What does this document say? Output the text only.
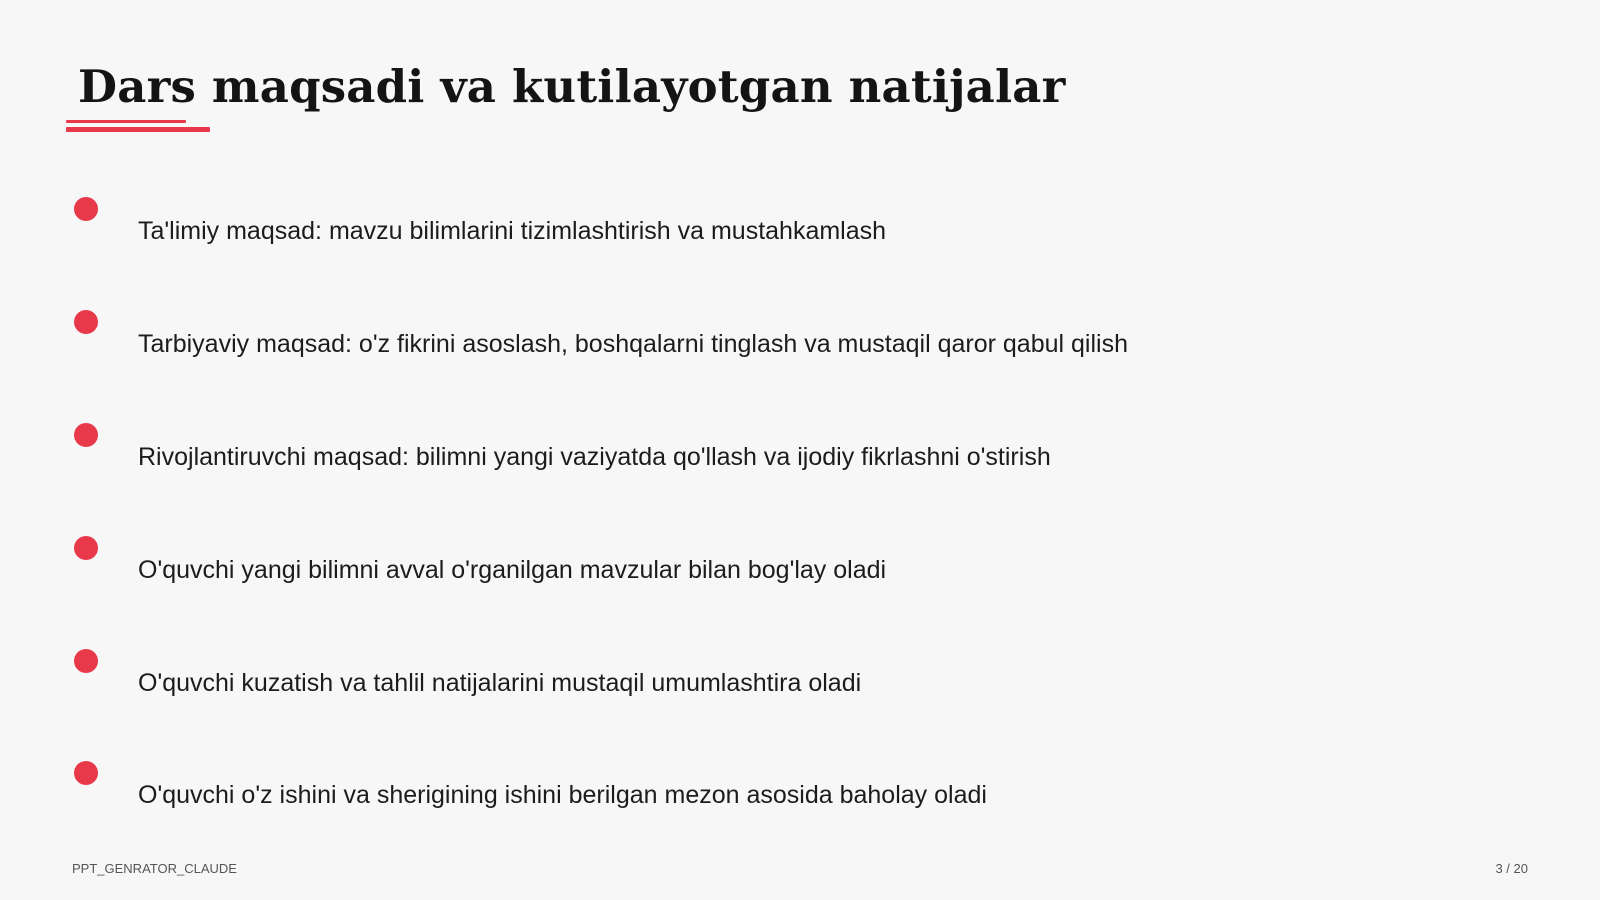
Dars maqsadi va kutilayotgan natijalar
Ta'limiy maqsad: mavzu bilimlarini tizimlashtirish va mustahkamlash
Tarbiyaviy maqsad: o'z fikrini asoslash, boshqalarni tinglash va mustaqil qaror qabul qilish
Rivojlantiruvchi maqsad: bilimni yangi vaziyatda qo'llash va ijodiy fikrlashni o'stirish
O'quvchi yangi bilimni avval o'rganilgan mavzular bilan bog'lay oladi
O'quvchi kuzatish va tahlil natijalarini mustaqil umumlashtira oladi
O'quvchi o'z ishini va sherigining ishini berilgan mezon asosida baholay oladi
PPT_GENRATOR_CLAUDE	3 / 20
